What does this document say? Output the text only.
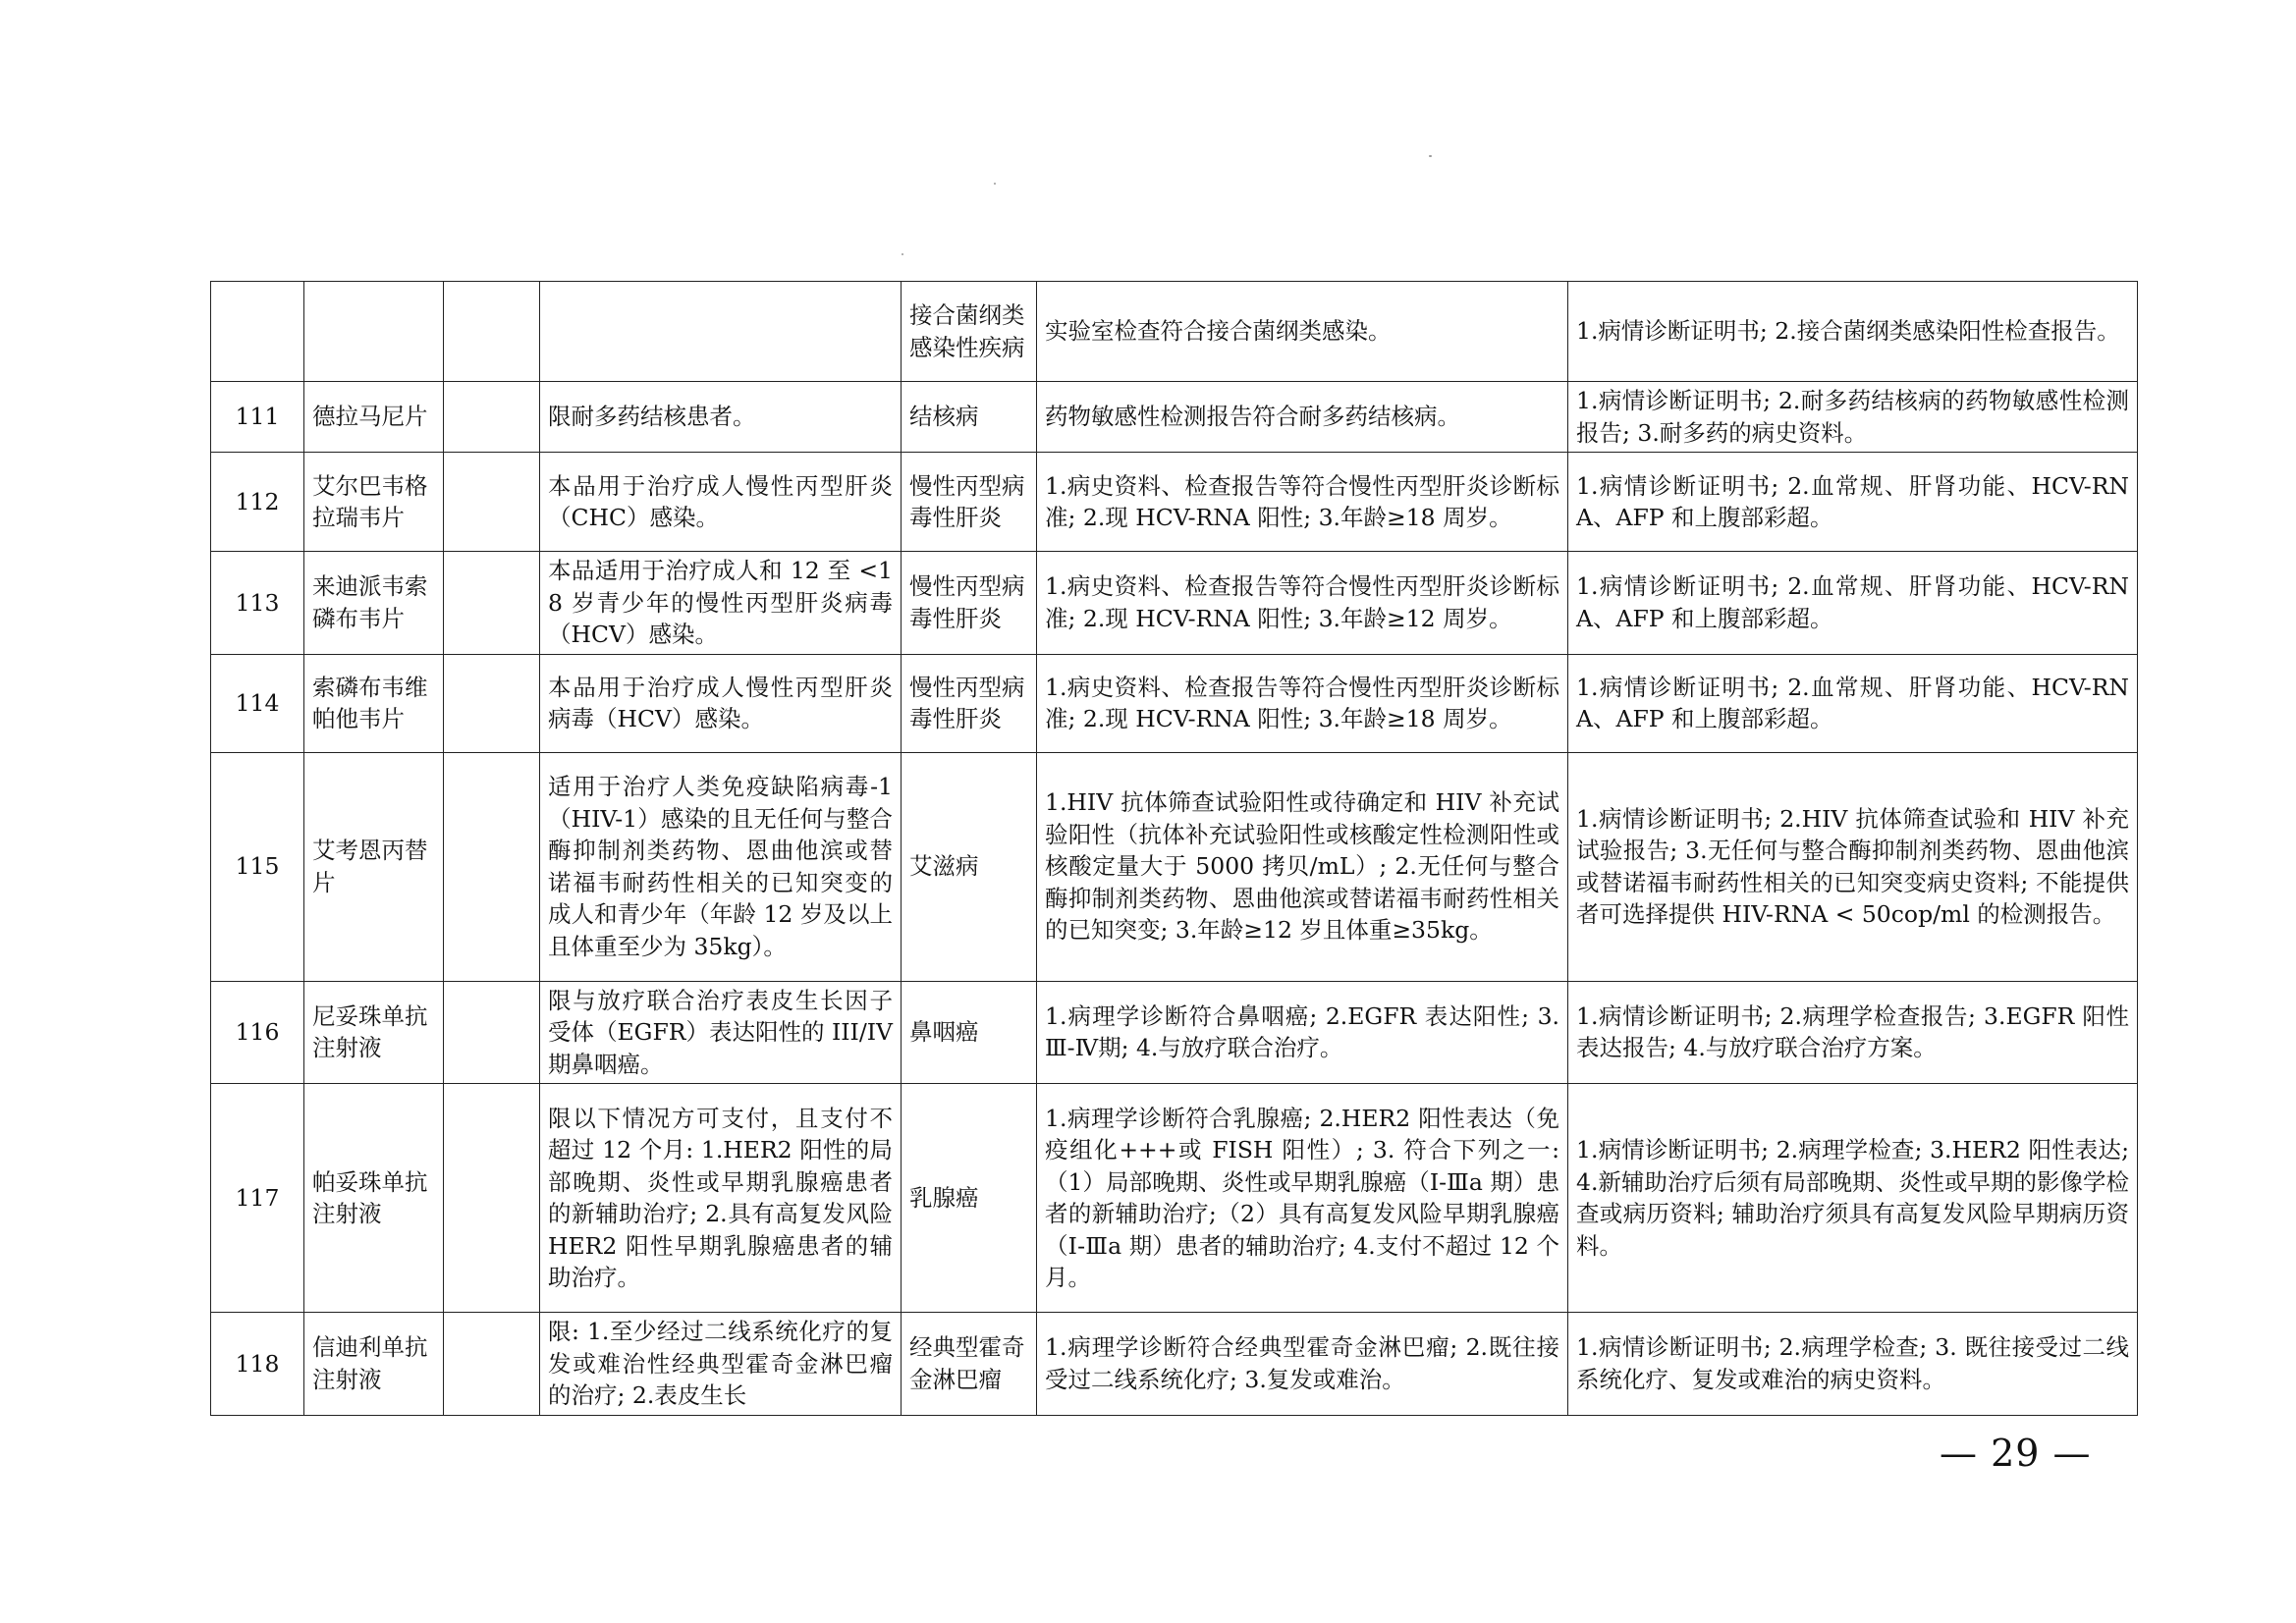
				接合菌纲类感染性疾病	实验室检查符合接合菌纲类感染。	1.病情诊断证明书; 2.接合菌纲类感染阳性检查报告。
111	德拉马尼片		限耐多药结核患者。	结核病	药物敏感性检测报告符合耐多药结核病。	1.病情诊断证明书; 2.耐多药结核病的药物敏感性检测报告; 3.耐多药的病史资料。
112	艾尔巴韦格拉瑞韦片		本品用于治疗成人慢性丙型肝炎（CHC）感染。	慢性丙型病毒性肝炎	1.病史资料、检查报告等符合慢性丙型肝炎诊断标准; 2.现 HCV-RNA 阳性; 3.年龄≥18 周岁。	1.病情诊断证明书; 2.血常规、肝肾功能、HCV-RNA、AFP 和上腹部彩超。
113	来迪派韦索磷布韦片		本品适用于治疗成人和 12 至 <18 岁青少年的慢性丙型肝炎病毒（HCV）感染。	慢性丙型病毒性肝炎	1.病史资料、检查报告等符合慢性丙型肝炎诊断标准; 2.现 HCV-RNA 阳性; 3.年龄≥12 周岁。	1.病情诊断证明书; 2.血常规、肝肾功能、HCV-RNA、AFP 和上腹部彩超。
114	索磷布韦维帕他韦片		本品用于治疗成人慢性丙型肝炎病毒（HCV）感染。	慢性丙型病毒性肝炎	1.病史资料、检查报告等符合慢性丙型肝炎诊断标准; 2.现 HCV-RNA 阳性; 3.年龄≥18 周岁。	1.病情诊断证明书; 2.血常规、肝肾功能、HCV-RNA、AFP 和上腹部彩超。
115	艾考恩丙替片		适用于治疗人类免疫缺陷病毒-1（HIV-1）感染的且无任何与整合酶抑制剂类药物、恩曲他滨或替诺福韦耐药性相关的已知突变的成人和青少年（年龄 12 岁及以上且体重至少为 35kg）。	艾滋病	1.HIV 抗体筛查试验阳性或待确定和 HIV 补充试验阳性（抗体补充试验阳性或核酸定性检测阳性或核酸定量大于 5000 拷贝/mL）; 2.无任何与整合酶抑制剂类药物、恩曲他滨或替诺福韦耐药性相关的已知突变; 3.年龄≥12 岁且体重≥35kg。	1.病情诊断证明书; 2.HIV 抗体筛查试验和 HIV 补充试验报告; 3.无任何与整合酶抑制剂类药物、恩曲他滨或替诺福韦耐药性相关的已知突变病史资料; 不能提供者可选择提供 HIV-RNA < 50cop/ml 的检测报告。
116	尼妥珠单抗注射液		限与放疗联合治疗表皮生长因子受体（EGFR）表达阳性的 III/IV 期鼻咽癌。	鼻咽癌	1.病理学诊断符合鼻咽癌; 2.EGFR 表达阳性; 3.Ⅲ-Ⅳ期; 4.与放疗联合治疗。	1.病情诊断证明书; 2.病理学检查报告; 3.EGFR 阳性表达报告; 4.与放疗联合治疗方案。
117	帕妥珠单抗注射液		限以下情况方可支付，且支付不超过 12 个月: 1.HER2 阳性的局部晚期、炎性或早期乳腺癌患者的新辅助治疗; 2.具有高复发风险 HER2 阳性早期乳腺癌患者的辅助治疗。	乳腺癌	1.病理学诊断符合乳腺癌; 2.HER2 阳性表达（免疫组化+++或 FISH 阳性）; 3. 符合下列之一:（1）局部晚期、炎性或早期乳腺癌（Ⅰ-Ⅲa 期）患者的新辅助治疗;（2）具有高复发风险早期乳腺癌（Ⅰ-Ⅲa 期）患者的辅助治疗; 4.支付不超过 12 个月。	1.病情诊断证明书; 2.病理学检查; 3.HER2 阳性表达; 4.新辅助治疗后须有局部晚期、炎性或早期的影像学检查或病历资料; 辅助治疗须具有高复发风险早期病历资料。
118	信迪利单抗注射液		限: 1.至少经过二线系统化疗的复发或难治性经典型霍奇金淋巴瘤的治疗; 2.表皮生长	经典型霍奇金淋巴瘤	1.病理学诊断符合经典型霍奇金淋巴瘤; 2.既往接受过二线系统化疗; 3.复发或难治。	1.病情诊断证明书; 2.病理学检查; 3. 既往接受过二线系统化疗、复发或难治的病史资料。
— 29 —
